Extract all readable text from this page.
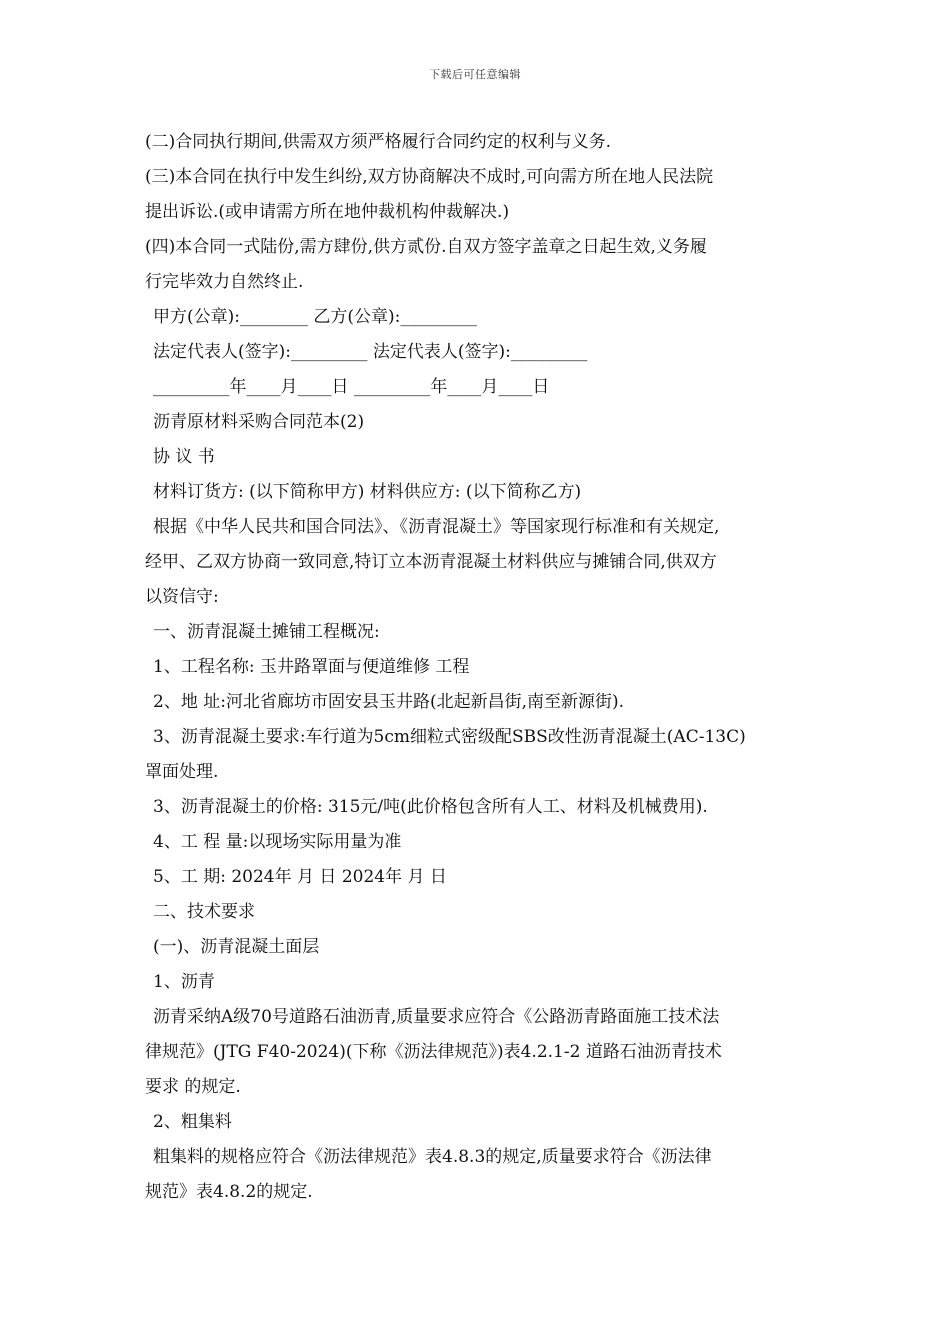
下载后可任意编辑
(二)合同执行期间,供需双方须严格履行合同约定的权利与义务.
(三)本合同在执行中发生纠纷,双方协商解决不成时,可向需方所在地人民法院
提出诉讼.(或申请需方所在地仲裁机构仲裁解决.)
(四)本合同一式陆份,需方肆份,供方贰份.自双方签字盖章之日起生效,义务履
行完毕效力自然终止.
甲方(公章):________ 乙方(公章):_________
法定代表人(签字):_________ 法定代表人(签字):_________
_________年____月____日 _________年____月____日
沥青原材料采购合同范本(2)
协 议 书
材料订货方: (以下简称甲方) 材料供应方: (以下简称乙方)
根据《中华人民共和国合同法》、《沥青混凝土》等国家现行标准和有关规定,
经甲、乙双方协商一致同意,特订立本沥青混凝土材料供应与摊铺合同,供双方
以资信守:
一、沥青混凝土摊铺工程概况:
1、工程名称: 玉井路罩面与便道维修 工程
2、地 址:河北省廊坊市固安县玉井路(北起新昌街,南至新源街).
3、沥青混凝土要求:车行道为5cm细粒式密级配SBS改性沥青混凝土(AC-13C)
罩面处理.
3、沥青混凝土的价格: 315元/吨(此价格包含所有人工、材料及机械费用).
4、工 程 量:以现场实际用量为准
5、工 期: 2024年 月 日 2024年 月 日
二、技术要求
(一)、沥青混凝土面层
1、沥青
沥青采纳A级70号道路石油沥青,质量要求应符合《公路沥青路面施工技术法
律规范》(JTG F40-2024)(下称《沥法律规范》)表4.2.1-2 道路石油沥青技术
要求 的规定.
2、粗集料
粗集料的规格应符合《沥法律规范》表4.8.3的规定,质量要求符合《沥法律
规范》表4.8.2的规定.
